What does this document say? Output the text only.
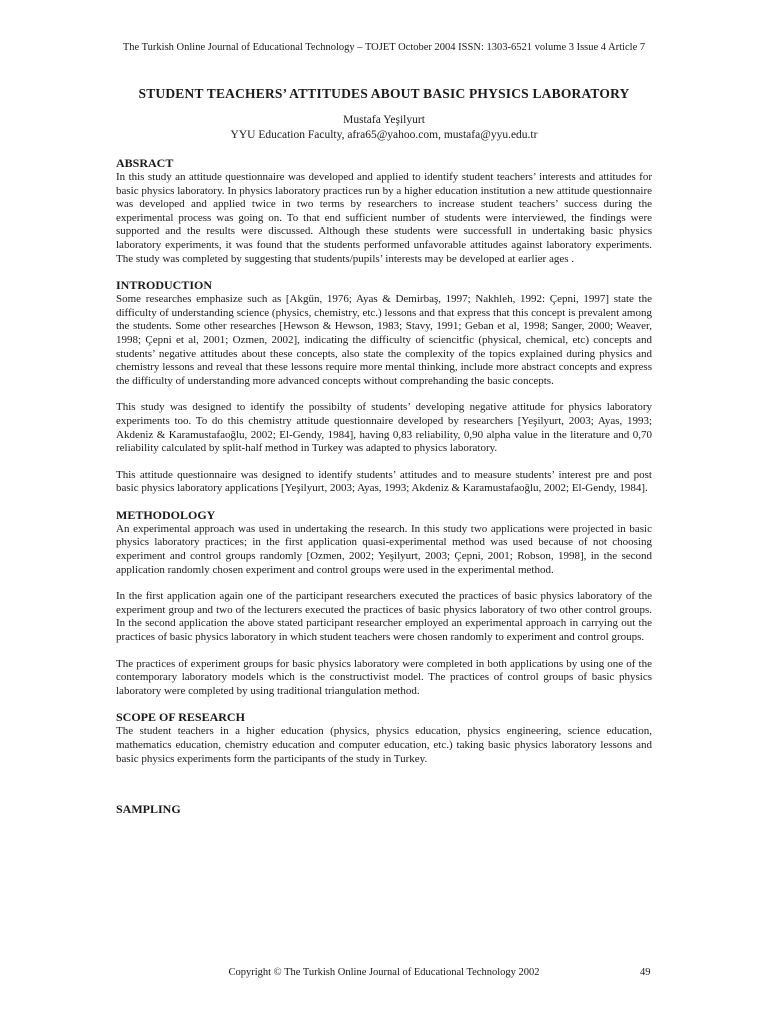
The Turkish Online Journal of Educational Technology – TOJET October 2004 ISSN: 1303-6521 volume 3 Issue 4 Article 7
STUDENT TEACHERS’ ATTITUDES ABOUT BASIC PHYSICS LABORATORY
Mustafa Yeşilyurt
YYU Education Faculty, afra65@yahoo.com, mustafa@yyu.edu.tr
ABSRACT

In this study an attitude questionnaire was developed and applied to identify student teachers’ interests and attitudes for basic physics laboratory. In physics laboratory practices run by a higher education institution a new attitude questionnaire was developed and applied twice in two terms by researchers to increase student teachers’ success during the experimental process was going on. To that end sufficient number of students were interviewed, the findings were supported and the results were discussed. Although these students were successfull in undertaking basic physics laboratory experiments, it was found that the students performed unfavorable attitudes against laboratory experiments. The study was completed by suggesting that students/pupils’ interests may be developed at earlier ages .

INTRODUCTION

Some researches emphasize such as [Akgün, 1976; Ayas & Demirbaş, 1997; Nakhleh, 1992: Çepni, 1997] state the difficulty of understanding science (physics, chemistry, etc.) lessons and that express that this concept is prevalent among the students. Some other researches [Hewson & Hewson, 1983; Stavy, 1991; Geban et al, 1998; Sanger, 2000; Weaver, 1998; Çepni et al, 2001; Ozmen, 2002], indicating the difficulty of sciencitfic (physical, chemical, etc) concepts and students’ negative attitudes about these concepts, also state the complexity of the topics explained during physics and chemistry lessons and reveal that these lessons require more mental thinking, include more abstract concepts and express the difficulty of understanding more advanced concepts without comprehanding the basic concepts.

This study was designed to identify the possibilty of students’ developing negative attitude for physics laboratory experiments too. To do this chemistry attitude questionnaire developed by researchers [Yeşilyurt, 2003; Ayas, 1993; Akdeniz & Karamustafaoğlu, 2002; El-Gendy, 1984], having 0,83 reliability, 0,90 alpha value in the literature and 0,70 reliability calculated by split-half method in Turkey was adapted to physics laboratory.

This attitude questionnaire was designed to identify students’ attitudes and to measure students’ interest pre and post basic physics laboratory applications [Yeşilyurt, 2003; Ayas, 1993; Akdeniz & Karamustafaoğlu, 2002; El-Gendy, 1984].

METHODOLOGY

An experimental approach was used in undertaking the research. In this study two applications were projected in basic physics laboratory practices; in the first application quasi-experimental method was used because of not choosing experiment and control groups randomly [Ozmen, 2002; Yeşilyurt, 2003; Çepni, 2001; Robson, 1998], in the second application randomly chosen experiment and control groups were used in the experimental method.

In the first application again one of the participant researchers executed the practices of basic physics laboratory of the experiment group and two of the lecturers executed the practices of basic physics laboratory of two other control groups. In the second application the above stated participant researcher employed an experimental approach in carrying out the practices of basic physics laboratory in which student teachers were chosen randomly to experiment and control groups.

The practices of experiment groups for basic physics laboratory were completed in both applications by using one of the contemporary laboratory models which is the constructivist model. The practices of control groups of basic physics laboratory were completed by using traditional triangulation method.

SCOPE OF RESEARCH

The student teachers in a higher education (physics, physics education, physics engineering, science education, mathematics education, chemistry education and computer education, etc.) taking basic physics laboratory lessons and basic physics experiments form the participants of the study in Turkey.

SAMPLING
Copyright © The Turkish Online Journal of Educational Technology 2002	49
